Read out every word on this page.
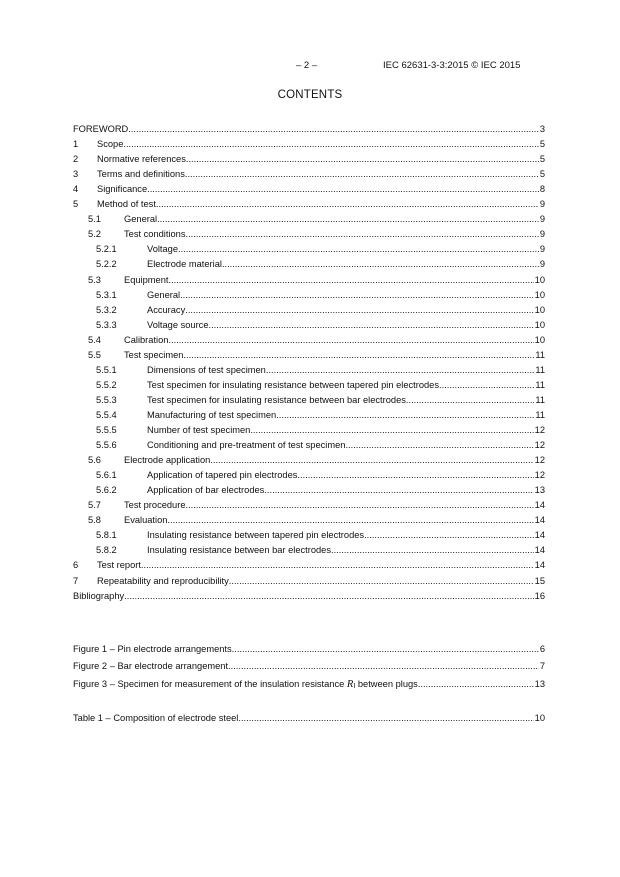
– 2 –	IEC 62631-3-3:2015 © IEC 2015
CONTENTS
FOREWORD .....	3
1 Scope .....	5
2 Normative references .....	5
3 Terms and definitions .....	5
4 Significance .....	8
5 Method of test .....	9
5.1 General .....	9
5.2 Test conditions .....	9
5.2.1	Voltage .....	9
5.2.2	Electrode material .....	9
5.3 Equipment .....	10
5.3.1	General .....	10
5.3.2	Accuracy .....	10
5.3.3	Voltage source .....	10
5.4 Calibration .....	10
5.5 Test specimen .....	11
5.5.1	Dimensions of test specimen .....	11
5.5.2	Test specimen for insulating resistance between tapered pin electrodes .....	11
5.5.3	Test specimen for insulating resistance between bar electrodes .....	11
5.5.4	Manufacturing of test specimen .....	11
5.5.5	Number of test specimen .....	12
5.5.6	Conditioning and pre-treatment of test specimen .....	12
5.6 Electrode application .....	12
5.6.1	Application of tapered pin electrodes .....	12
5.6.2	Application of bar electrodes .....	13
5.7 Test procedure .....	14
5.8 Evaluation .....	14
5.8.1	Insulating resistance between tapered pin electrodes .....	14
5.8.2	Insulating resistance between bar electrodes .....	14
6 Test report .....	14
7 Repeatability and reproducibility .....	15
Bibliography .....	16
Figure 1 – Pin electrode arrangements .....	6
Figure 2 – Bar electrode arrangement .....	7
Figure 3 – Specimen for measurement of the insulation resistance RI between plugs .....	13
Table 1 – Composition of electrode steel .....	10
